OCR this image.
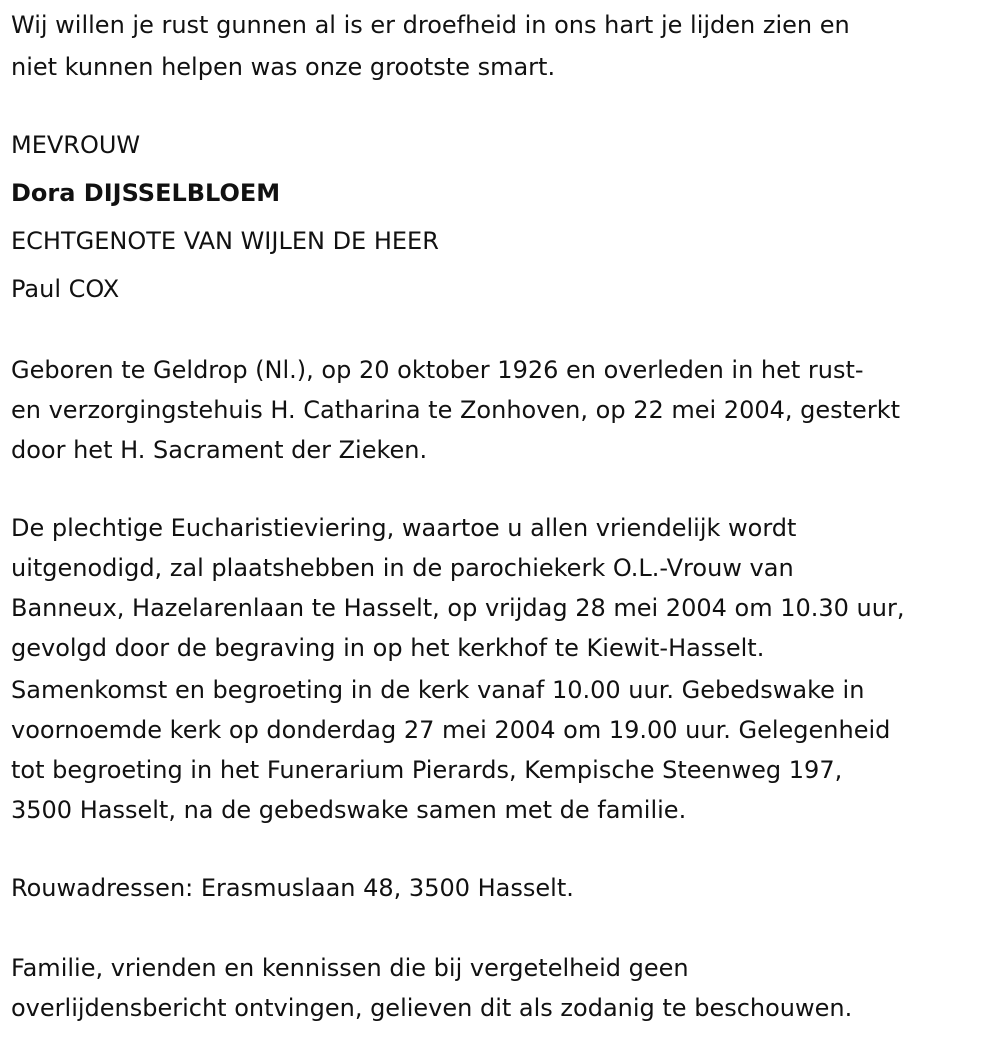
Wij willen je rust gunnen al is er droefheid in ons hart je lijden zien en
niet kunnen helpen was onze grootste smart.
MEVROUW
Dora DIJSSELBLOEM
ECHTGENOTE VAN WIJLEN DE HEER
Paul COX
Geboren te Geldrop (Nl.), op 20 oktober 1926 en overleden in het rust-
en verzorgingstehuis H. Catharina te Zonhoven, op 22 mei 2004, gesterkt
door het H. Sacrament der Zieken.
De plechtige Eucharistieviering, waartoe u allen vriendelijk wordt
uitgenodigd, zal plaatshebben in de parochiekerk O.L.-Vrouw van
Banneux, Hazelarenlaan te Hasselt, op vrijdag 28 mei 2004 om 10.30 uur,
gevolgd door de begraving in op het kerkhof te Kiewit-Hasselt.
Samenkomst en begroeting in de kerk vanaf 10.00 uur. Gebedswake in
voornoemde kerk op donderdag 27 mei 2004 om 19.00 uur. Gelegenheid
tot begroeting in het Funerarium Pierards, Kempische Steenweg 197,
3500 Hasselt, na de gebedswake samen met de familie.
Rouwadressen: Erasmuslaan 48, 3500 Hasselt.
Familie, vrienden en kennissen die bij vergetelheid geen
overlijdensbericht ontvingen, gelieven dit als zodanig te beschouwen.
